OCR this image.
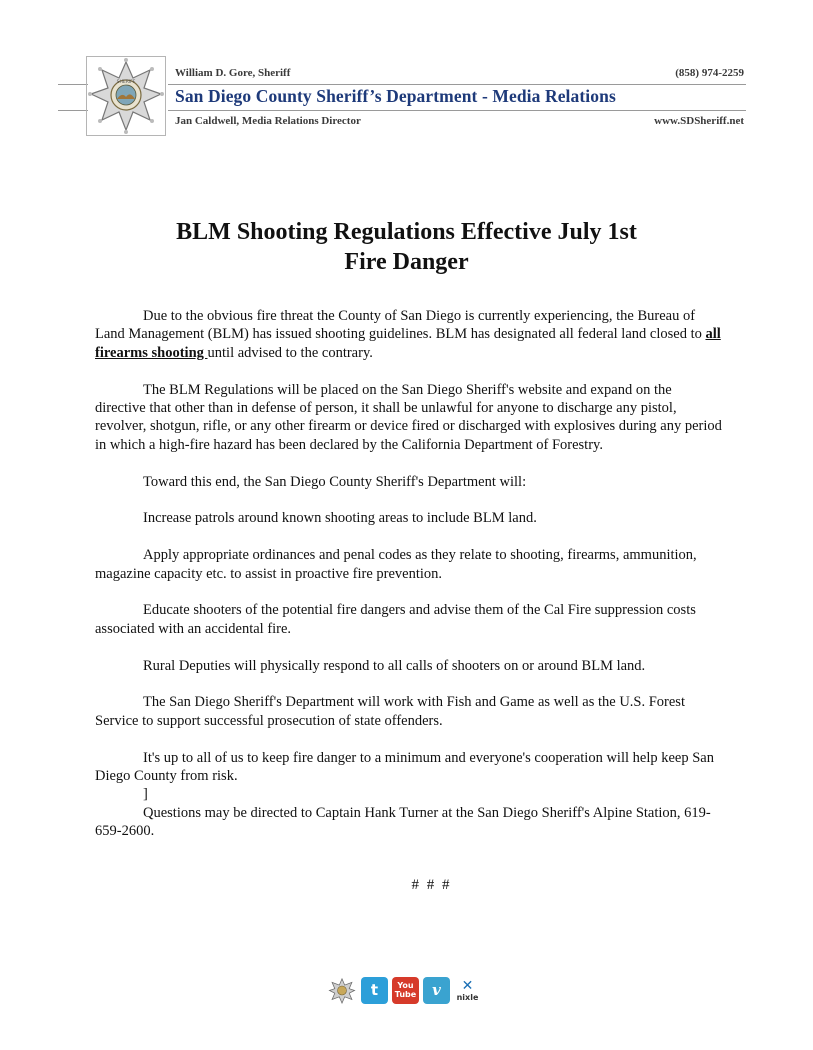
SHERIFF
William D. Gore, Sheriff	(858) 974-2259
San Diego County Sheriff’s Department - Media Relations
Jan Caldwell, Media Relations Director	www.SDSheriff.net
BLM Shooting Regulations Effective July 1st
Fire Danger

Due to the obvious fire threat the County of San Diego is currently experiencing, the Bureau of Land Management (BLM) has issued shooting guidelines. BLM has designated all federal land closed to all firearms shooting until advised to the contrary.

The BLM Regulations will be placed on the San Diego Sheriff's website and expand on the directive that other than in defense of person, it shall be unlawful for anyone to discharge any pistol, revolver, shotgun, rifle, or any other firearm or device fired or discharged with explosives during any period in which a high-fire hazard has been declared by the California Department of Forestry.

Toward this end, the San Diego County Sheriff's Department will:

Increase patrols around known shooting areas to include BLM land.

Apply appropriate ordinances and penal codes as they relate to shooting, firearms, ammunition, magazine capacity etc. to assist in proactive fire prevention.

Educate shooters of the potential fire dangers and advise them of the Cal Fire suppression costs associated with an accidental fire.

Rural Deputies will physically respond to all calls of shooters on or around BLM land.

The San Diego Sheriff's Department will work with Fish and Game as well as the U.S. Forest Service to support successful prosecution of state offenders.

It's up to all of us to keep fire danger to a minimum and everyone's cooperation will help keep San Diego County from risk.

]

Questions may be directed to Captain Hank Turner at the San Diego Sheriff's Alpine Station, 619-659-2600.

# # #
t You
Tube v ✕
nixle
